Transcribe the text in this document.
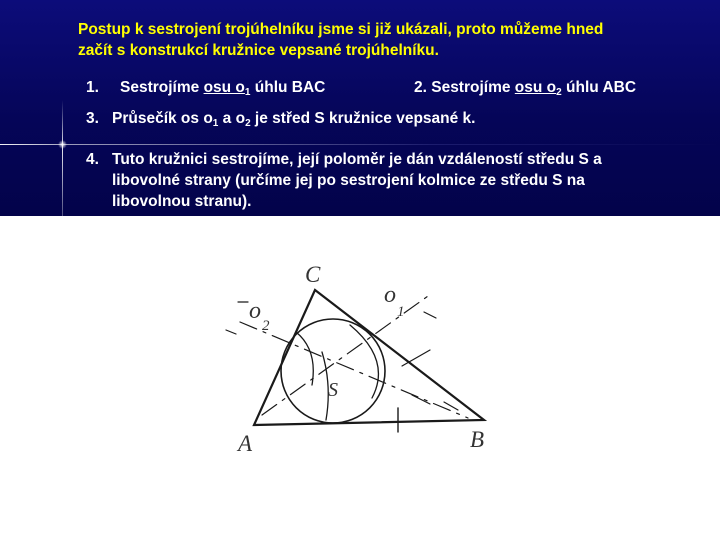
Postup k sestrojení trojúhelníku jsme si již ukázali, proto můžeme hned
začít s konstrukcí kružnice vepsané trojúhelníku.
1. Sestrojíme osu $o_1$ úhlu BAC	2. Sestrojíme osu $o_2$ úhlu ABC
3. Průsečík os $o_1$ a $o_2$ je střed S kružnice vepsané k.
4. Tuto kružnici sestrojíme, její poloměr je dán vzdáleností středu S a
libovolné strany (určíme jej po sestrojení kolmice ze středu S na
libovolnou stranu).
A	B
C
S
o
2
o
1
